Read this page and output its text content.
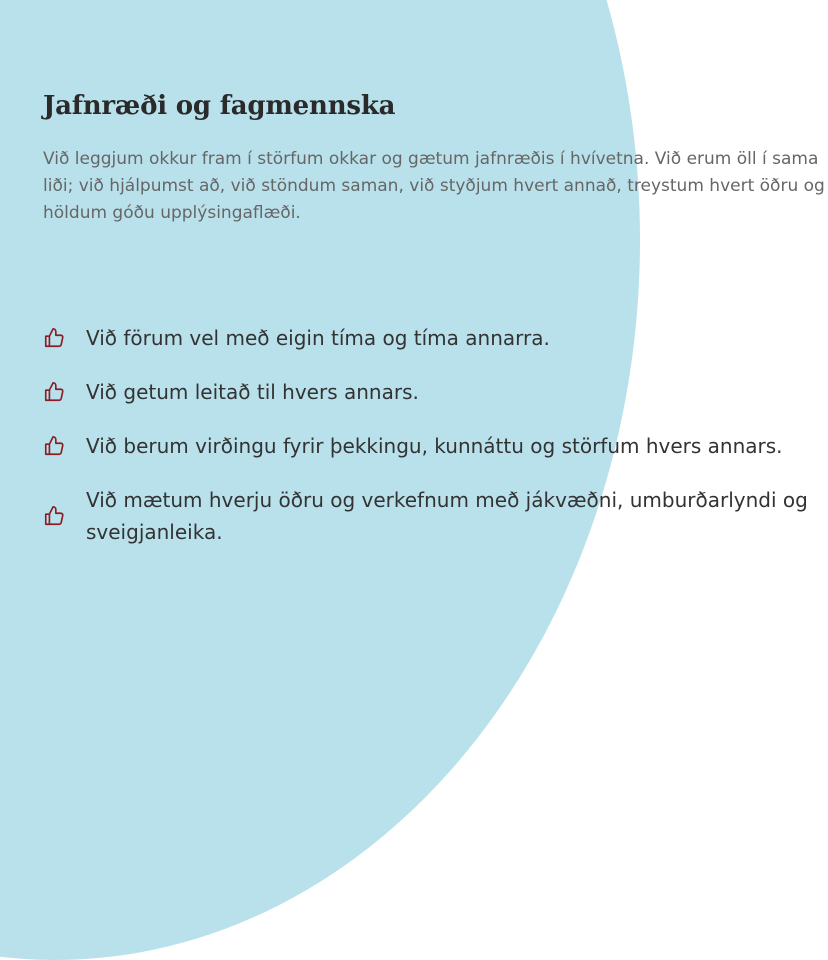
Jafnræði og fagmennska

Við leggjum okkur fram í störfum okkar og gætum jafnræðis í hvívetna. Við erum öll í sama liði; við hjálpumst að, við stöndum saman, við styðjum hvert annað, treystum hvert öðru og höldum góðu upplýsingaflæði.

Við förum vel með eigin tíma og tíma annarra.
Við getum leitað til hvers annars.
Við berum virðingu fyrir þekkingu, kunnáttu og störfum hvers annars.
Við mætum hverju öðru og verkefnum með jákvæðni, umburðarlyndi og sveigjanleika.
